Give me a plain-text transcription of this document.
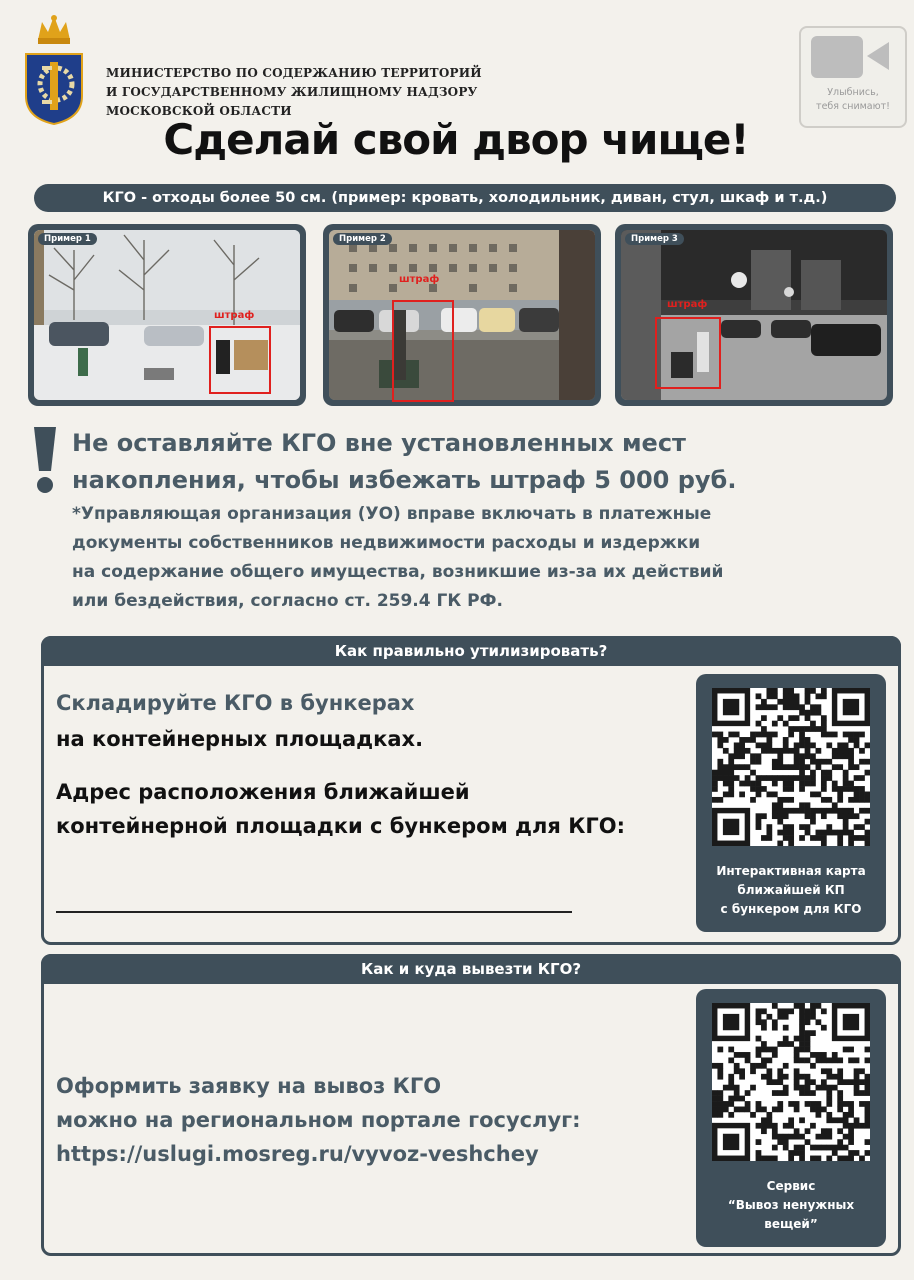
МИНИСТЕРСТВО ПО СОДЕРЖАНИЮ ТЕРРИТОРИЙ
И ГОСУДАРСТВЕННОМУ ЖИЛИЩНОМУ НАДЗОРУ
МОСКОВСКОЙ ОБЛАСТИ
Улыбнись,
тебя снимают!
Сделай свой двор чище!
КГО - отходы более 50 см. (пример: кровать, холодильник, диван, стул, шкаф и т.д.)
Пример 1
штраф
Пример 2
штраф
Пример 3
штраф
Не оставляйте КГО вне установленных мест
накопления, чтобы избежать штраф 5 000 руб.
*Управляющая организация (УО) вправе включать в платежные
документы собственников недвижимости расходы и издержки
на содержание общего имущества, возникшие из-за их действий
или бездействия, согласно ст. 259.4 ГК РФ.
Как правильно утилизировать?
Складируйте КГО в бункерах
на контейнерных площадках.
Адрес расположения ближайшей
контейнерной площадки с бункером для КГО:
Интерактивная карта
ближайшей КП
с бункером для КГО
Как и куда вывезти КГО?
Оформить заявку на вывоз КГО
можно на региональном портале госуслуг:
https://uslugi.mosreg.ru/vyvoz-veshchey
Сервис
“Вывоз ненужных
вещей”
